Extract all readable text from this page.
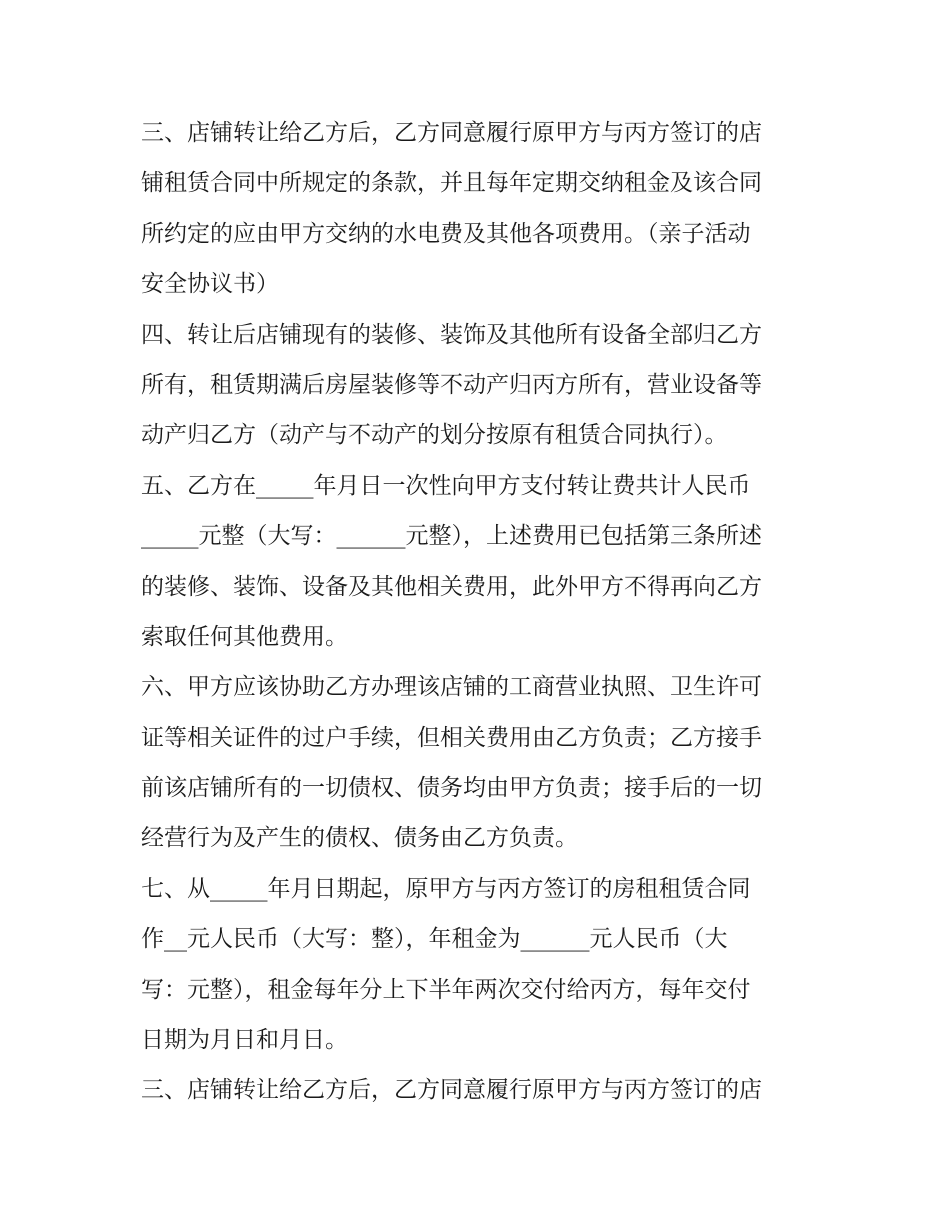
三、店铺转让给乙方后，乙方同意履行原甲方与丙方签订的店
铺租赁合同中所规定的条款，并且每年定期交纳租金及该合同
所约定的应由甲方交纳的水电费及其他各项费用。（亲子活动
安全协议书）
四、转让后店铺现有的装修、装饰及其他所有设备全部归乙方
所有，租赁期满后房屋装修等不动产归丙方所有，营业设备等
动产归乙方（动产与不动产的划分按原有租赁合同执行）。
五、乙方在_____年月日一次性向甲方支付转让费共计人民币
_____元整（大写：______元整），上述费用已包括第三条所述
的装修、装饰、设备及其他相关费用，此外甲方不得再向乙方
索取任何其他费用。
六、甲方应该协助乙方办理该店铺的工商营业执照、卫生许可
证等相关证件的过户手续，但相关费用由乙方负责；乙方接手
前该店铺所有的一切债权、债务均由甲方负责；接手后的一切
经营行为及产生的债权、债务由乙方负责。
七、从_____年月日期起，原甲方与丙方签订的房租租赁合同
作__元人民币（大写：整），年租金为______元人民币（大
写：元整），租金每年分上下半年两次交付给丙方，每年交付
日期为月日和月日。
三、店铺转让给乙方后，乙方同意履行原甲方与丙方签订的店
